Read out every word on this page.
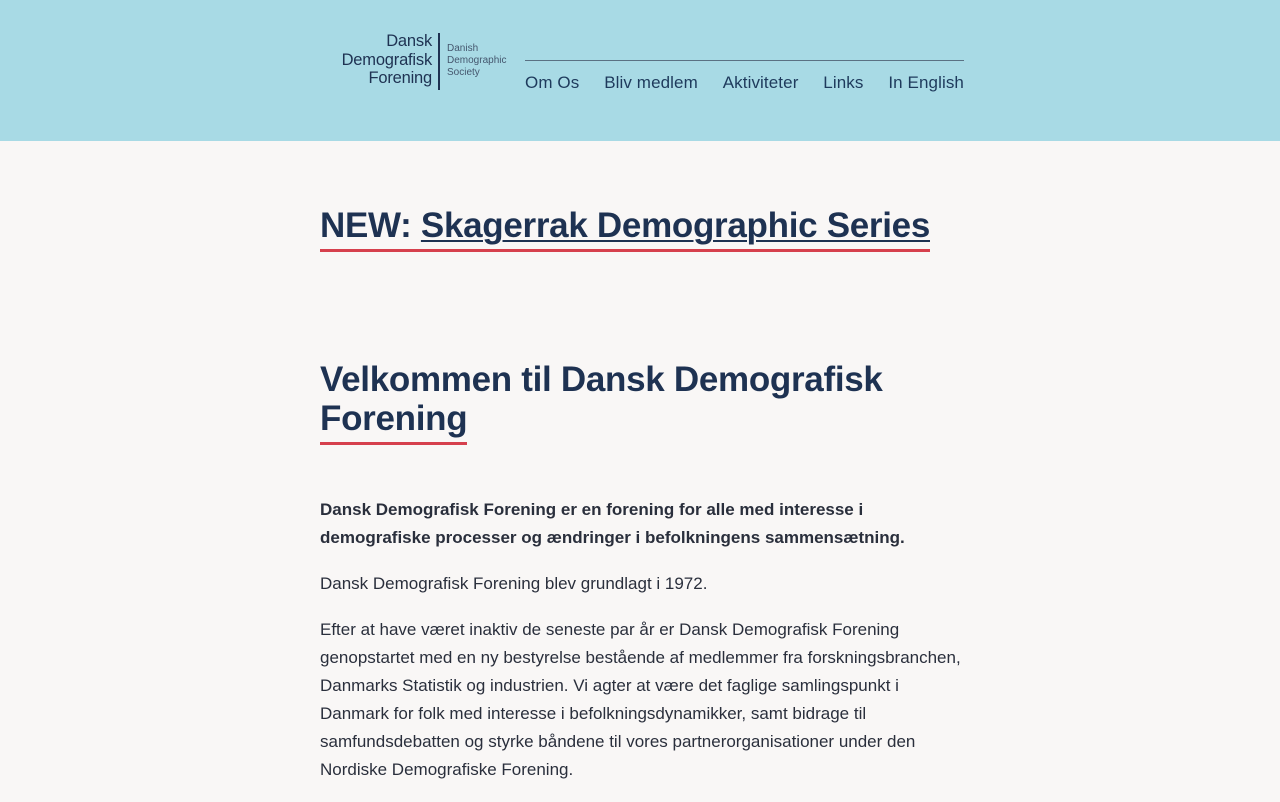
Dansk
Demografisk
Forening
Danish
Demographic
Society
Om Os Bliv medlem Aktiviteter Links In English
NEW: Skagerrak Demographic Series
Velkommen til Dansk Demografisk
Forening

Dansk Demografisk Forening er en forening for alle med interesse i demografiske processer og ændringer i befolkningens sammensætning.

Dansk Demografisk Forening blev grundlagt i 1972.

Efter at have været inaktiv de seneste par år er Dansk Demografisk Forening genopstartet med en ny bestyrelse bestående af medlemmer fra forskningsbranchen, Danmarks Statistik og industrien. Vi agter at være det faglige samlingspunkt i Danmark for folk med interesse i befolkningsdynamikker, samt bidrage til samfundsdebatten og styrke båndene til vores partnerorganisationer under den Nordiske Demografiske Forening.
